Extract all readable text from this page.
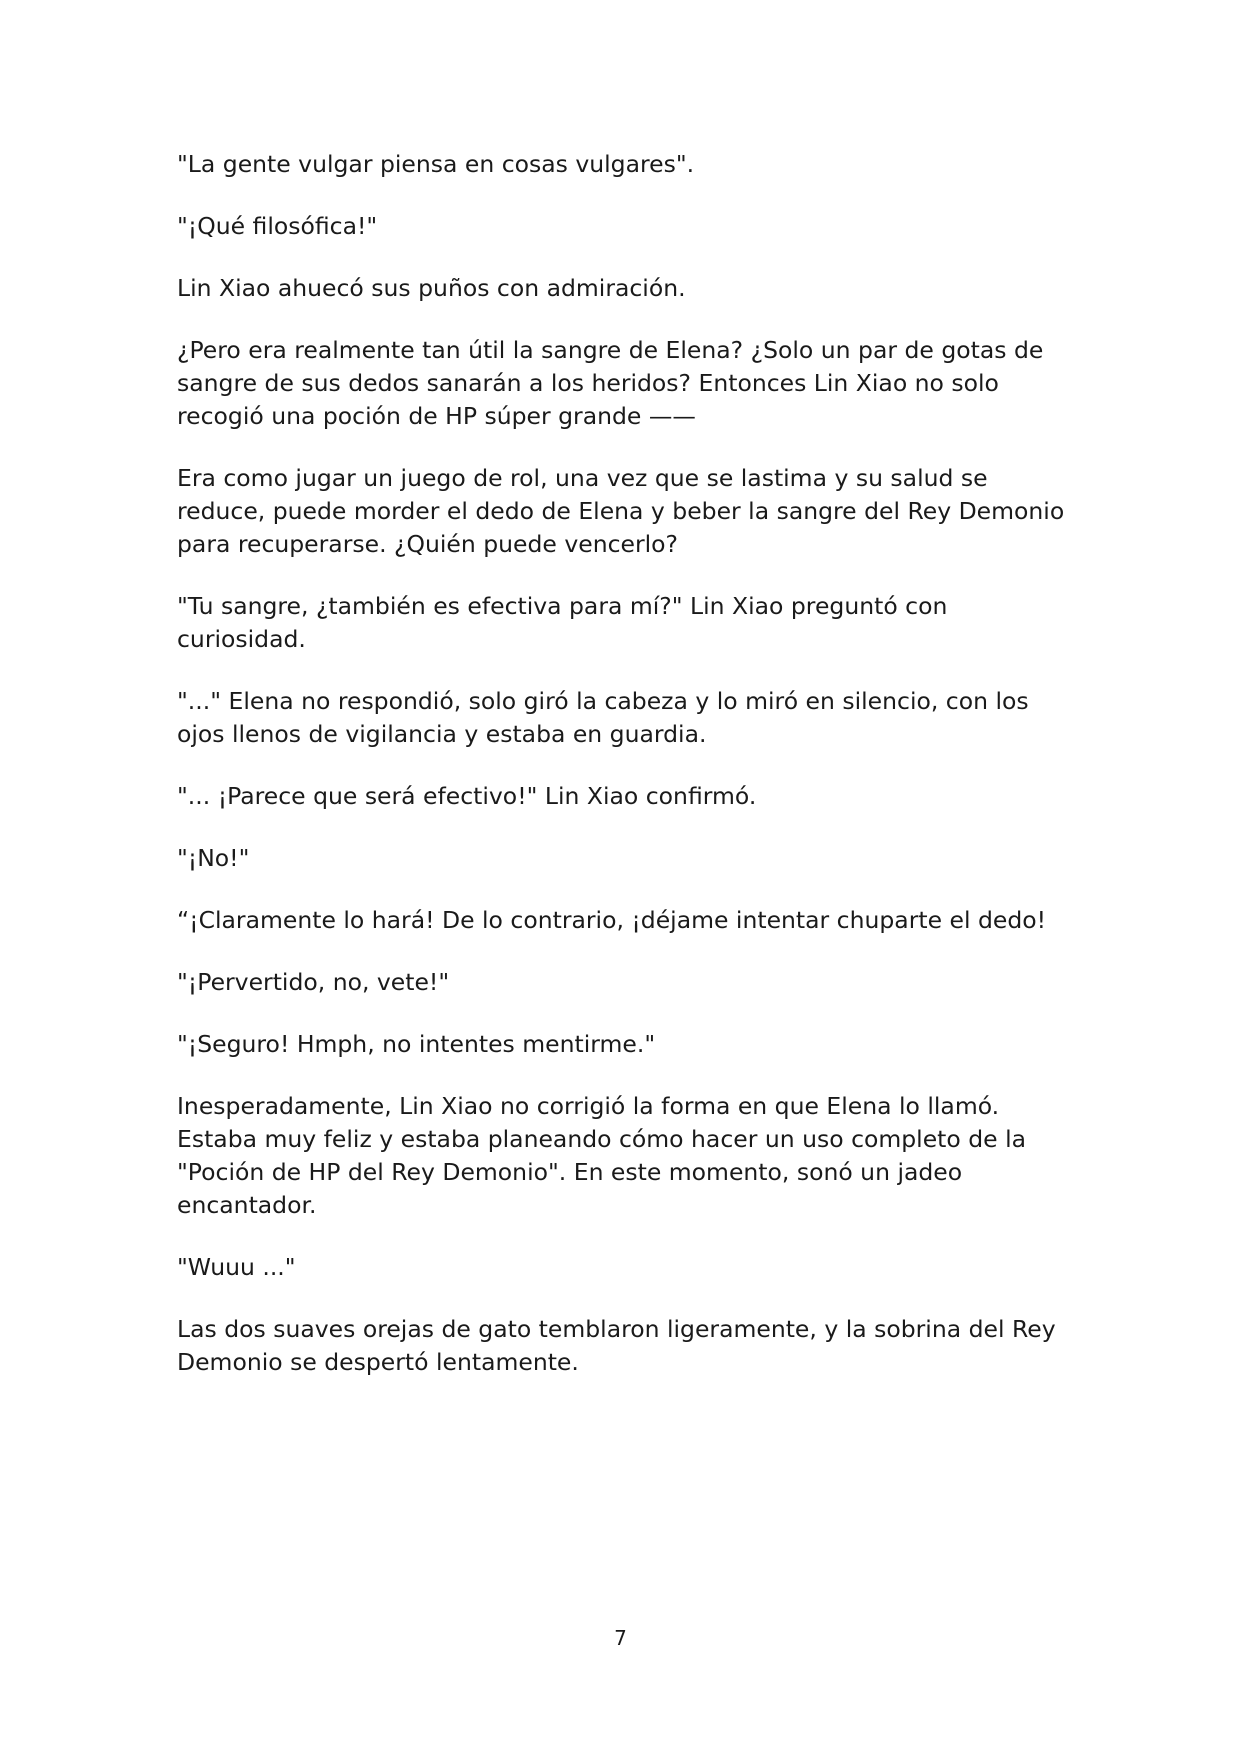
"La gente vulgar piensa en cosas vulgares".

"¡Qué filosófica!"

Lin Xiao ahuecó sus puños con admiración.

¿Pero era realmente tan útil la sangre de Elena? ¿Solo un par de gotas de sangre de sus dedos sanarán a los heridos? Entonces Lin Xiao no solo recogió una poción de HP súper grande ——

Era como jugar un juego de rol, una vez que se lastima y su salud se reduce, puede morder el dedo de Elena y beber la sangre del Rey Demonio para recuperarse. ¿Quién puede vencerlo?

"Tu sangre, ¿también es efectiva para mí?" Lin Xiao preguntó con curiosidad.

"..." Elena no respondió, solo giró la cabeza y lo miró en silencio, con los ojos llenos de vigilancia y estaba en guardia.

"... ¡Parece que será efectivo!" Lin Xiao confirmó.

"¡No!"

“¡Claramente lo hará! De lo contrario, ¡déjame intentar chuparte el dedo!

"¡Pervertido, no, vete!"

"¡Seguro! Hmph, no intentes mentirme."

Inesperadamente, Lin Xiao no corrigió la forma en que Elena lo llamó. Estaba muy feliz y estaba planeando cómo hacer un uso completo de la "Poción de HP del Rey Demonio". En este momento, sonó un jadeo encantador.

"Wuuu ..."

Las dos suaves orejas de gato temblaron ligeramente, y la sobrina del Rey Demonio se despertó lentamente.

7
